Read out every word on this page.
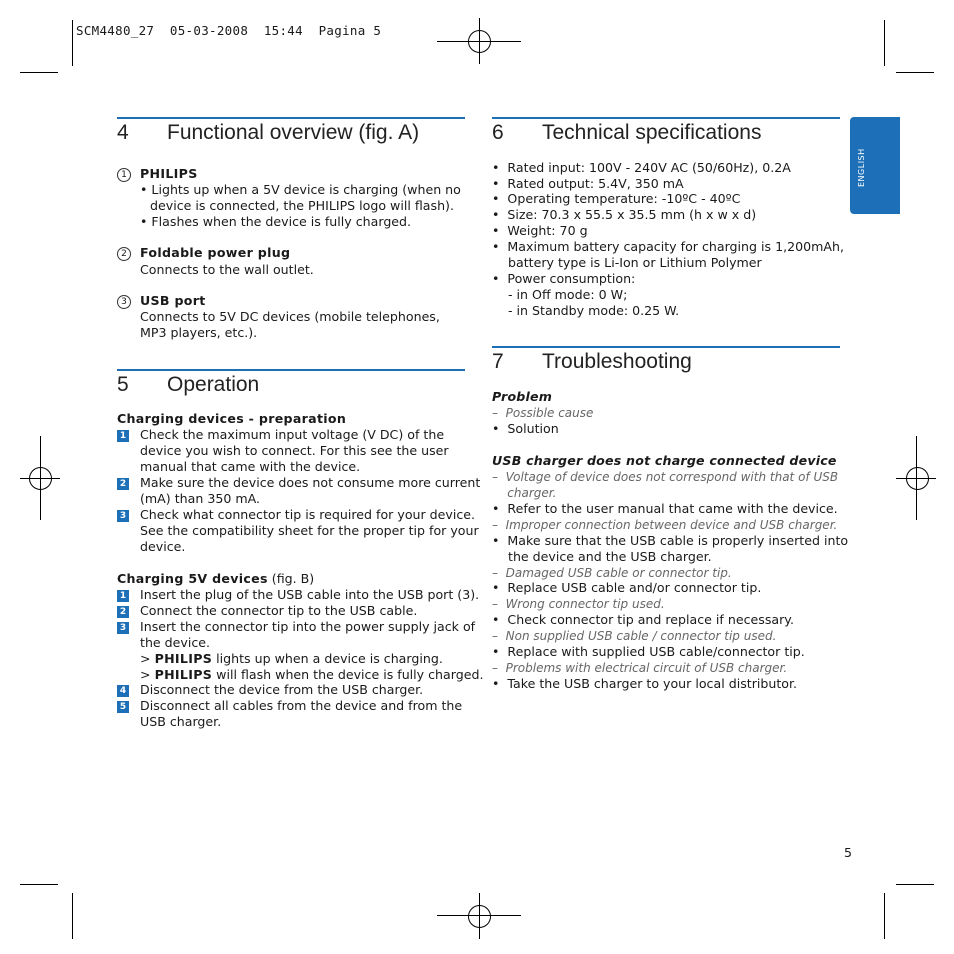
SCM4480_27  05-03-2008  15:44  Pagina 5
ENGLISH
4 Functional overview (fig. A)
1	PHILIPS
• Lights up when a 5V device is charging (when no
device is connected, the PHILIPS logo will flash).
• Flashes when the device is fully charged.
2	Foldable power plug
Connects to the wall outlet.
3	USB port
Connects to 5V DC devices (mobile telephones,
MP3 players, etc.).
5 Operation
Charging devices - preparation
1 Check the maximum input voltage (V DC) of the
device you wish to connect. For this see the user
manual that came with the device.
2 Make sure the device does not consume more current
(mA) than 350 mA.
3 Check what connector tip is required for your device.
See the compatibility sheet for the proper tip for your
device.
Charging 5V devices (fig. B)
1 Insert the plug of the USB cable into the USB port (3).
2 Connect the connector tip to the USB cable.
3 Insert the connector tip into the power supply jack of
the device.
> PHILIPS lights up when a device is charging.
> PHILIPS will flash when the device is fully charged.
4 Disconnect the device from the USB charger.
5 Disconnect all cables from the device and from the
USB charger.
6 Technical specifications
•  Rated input: 100V - 240V AC (50/60Hz), 0.2A
•  Rated output: 5.4V, 350 mA
•  Operating temperature: -10ºC - 40ºC
•  Size: 70.3 x 55.5 x 35.5 mm (h x w x d)
•  Weight: 70 g
•  Maximum battery capacity for charging is 1,200mAh,
battery type is Li-Ion or Lithium Polymer
•  Power consumption:
- in Off mode: 0 W;
- in Standby mode: 0.25 W.
7 Troubleshooting
Problem
–  Possible cause
•  Solution
USB charger does not charge connected device
–  Voltage of device does not correspond with that of USB
charger.
•  Refer to the user manual that came with the device.
–  Improper connection between device and USB charger.
•  Make sure that the USB cable is properly inserted into
the device and the USB charger.
–  Damaged USB cable or connector tip.
•  Replace USB cable and/or connector tip.
–  Wrong connector tip used.
•  Check connector tip and replace if necessary.
–  Non supplied USB cable / connector tip used.
•  Replace with supplied USB cable/connector tip.
–  Problems with electrical circuit of USB charger.
•  Take the USB charger to your local distributor.
5
